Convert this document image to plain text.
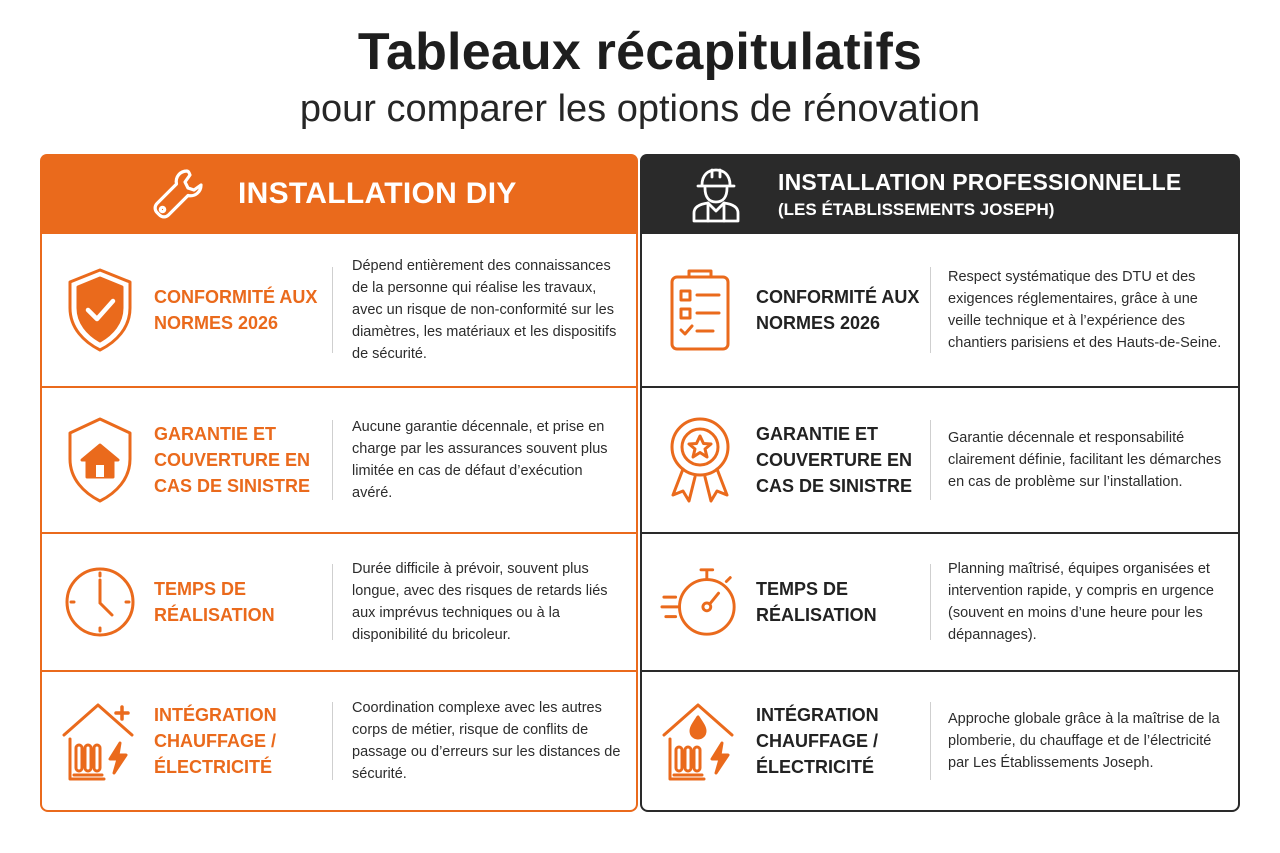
Tableaux récapitulatifs
pour comparer les options de rénovation
INSTALLATION DIY
CONFORMITÉ AUX NORMES 2026
Dépend entièrement des connaissances de la personne qui réalise les travaux, avec un risque de non-conformité sur les diamètres, les matériaux et les dispositifs de sécurité.
GARANTIE ET COUVERTURE EN CAS DE SINISTRE
Aucune garantie décennale, et prise en charge par les assurances souvent plus limitée en cas de défaut d’exécution avéré.
TEMPS DE RÉALISATION
Durée difficile à prévoir, souvent plus longue, avec des risques de retards liés aux imprévus techniques ou à la disponibilité du bricoleur.
INTÉGRATION CHAUFFAGE / ÉLECTRICITÉ
Coordination complexe avec les autres corps de métier, risque de conflits de passage ou d’erreurs sur les distances de sécurité.
INSTALLATION PROFESSIONNELLE
(LES ÉTABLISSEMENTS JOSEPH)
CONFORMITÉ AUX NORMES 2026
Respect systématique des DTU et des exigences réglementaires, grâce à une veille technique et à l’expérience des chantiers parisiens et des Hauts-de-Seine.
GARANTIE ET COUVERTURE EN CAS DE SINISTRE
Garantie décennale et responsabilité clairement définie, facilitant les démarches en cas de problème sur l’installation.
TEMPS DE RÉALISATION
Planning maîtrisé, équipes organisées et intervention rapide, y compris en urgence (souvent en moins d’une heure pour les dépannages).
INTÉGRATION CHAUFFAGE / ÉLECTRICITÉ
Approche globale grâce à la maîtrise de la plomberie, du chauffage et de l’électricité par Les Établissements Joseph.
